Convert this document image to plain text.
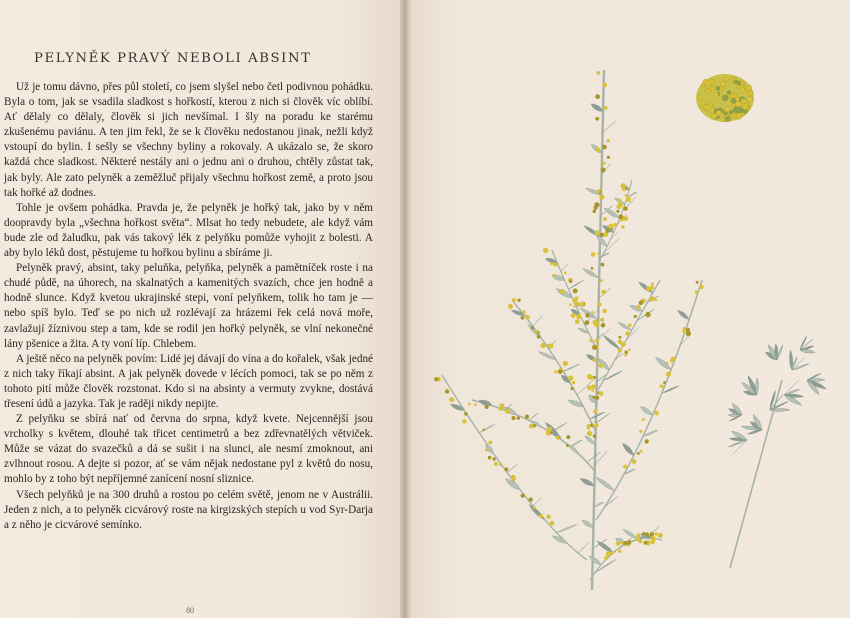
PELYNĚK PRAVÝ NEBOLI ABSINT

Už je tomu dávno, přes půl století, co jsem slyšel nebo četl podivnou pohádku. Byla o tom, jak se vsadila sladkost s hořkostí, kterou z nich si člověk víc oblíbí. Ať dělaly co dělaly, člověk si jich nevšímal. I šly na poradu ke starému zkušenému paviánu. A ten jim řekl, že se k člověku nedostanou jinak, nežli když vstoupí do bylin. I sešly se všechny byliny a rokovaly. A ukázalo se, že skoro každá chce sladkost. Některé nestály ani o jednu ani o druhou, chtěly zůstat tak, jak byly. Ale zato pelyněk a zeměžluč přijaly všechnu hořkost země, a proto jsou tak hořké až dodnes.

Tohle je ovšem pohádka. Pravda je, že pelyněk je hořký tak, jako by v něm doopravdy byla „všechna hořkost světa“. Mlsat ho tedy nebudete, ale když vám bude zle od žaludku, pak vás takový lék z pelyňku pomůže vyhojit z bolesti. A aby bylo léků dost, pěstujeme tu hořkou bylinu a sbíráme ji.

Pelyněk pravý, absint, taky peluňka, pelyňka, pelyněk a pamětníček roste i na chudé půdě, na úhorech, na skalnatých a kamenitých svazích, chce jen hodně a hodně slunce. Když kvetou ukrajinské stepi, voní pelyňkem, tolik ho tam je — nebo spíš bylo. Teď se po nich už rozlévají za hrázemi řek celá nová moře, zavlažují žíznivou step a tam, kde se rodil jen hořký pelyněk, se vlní nekonečné lány pšenice a žita. A ty voní líp. Chlebem.

A ještě něco na pelyněk povím: Lidé jej dávají do vína a do kořalek, však jedné z nich taky říkají absint. A jak pelyněk dovede v lécích pomoci, tak se po něm z tohoto pití může člověk rozstonat. Kdo si na absinty a vermuty zvykne, dostává třesení údů a jazyka. Tak je raději nikdy nepijte.

Z pelyňku se sbírá nať od června do srpna, když kvete. Nejcennější jsou vrcholky s květem, dlouhé tak třicet centimetrů a bez zdřevnatělých větviček. Může se vázat do svazečků a dá se sušit i na slunci, ale nesmí zmoknout, ani zvlhnout rosou. A dejte si pozor, ať se vám nějak nedostane pyl z květů do nosu, mohlo by z toho být nepříjemné zanícení nosní sliznice.

Všech pelyňků je na 300 druhů a rostou po celém světě, jenom ne v Austrálii. Jeden z nich, a to pelyněk cicvárový roste na kirgizských stepích u vod Syr-Darja a z něho je cicvárové semínko.

80
